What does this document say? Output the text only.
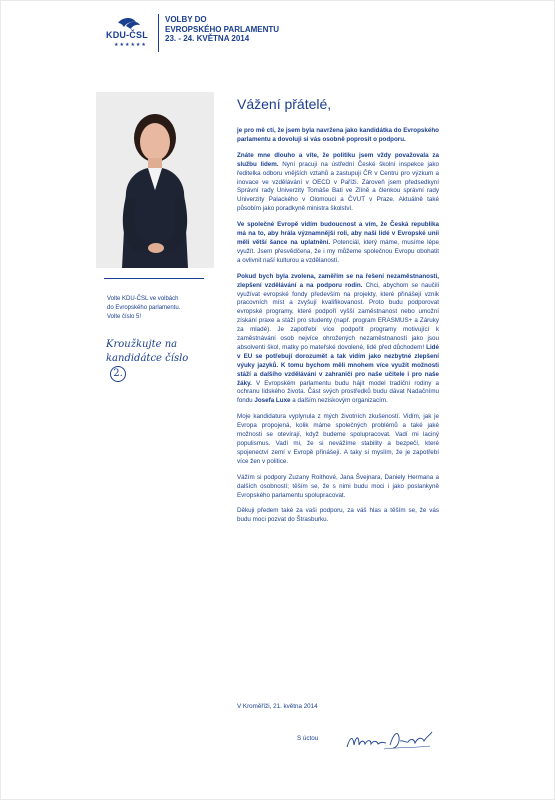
KDU-ČSL
★★★★★★
VOLBY DO
EVROPSKÉHO PARLAMENTU
23. - 24. KVĚTNA 2014
Volte KDU-ČSL ve volbách
do Evropského parlamentu.
Volte číslo 5!
Kroužkujte na
kandidátce číslo
2.
Vážení přátelé,

je pro mě ctí, že jsem byla navržena jako kandidátka do Evropského parlamentu a dovoluji si vás osobně poprosit o podporu.

Znáte mne dlouho a víte, že politiku jsem vždy považovala za službu lidem. Nyní pracuji na ústřední České školní inspekce jako ředitelka odboru vnějších vztahů a zastupuji ČR v Centru pro výzkum a inovace ve vzdělávání v OECD v Paříži. Zároveň jsem předsedkyní Správní rady Univerzity Tomáše Bati ve Zlíně a členkou správní rady Univerzity Palackého v Olomouci a ČVUT v Praze. Aktuálně také působím jako poradkyně ministra školství.

Ve společné Evropě vidím budoucnost a vím, že Česká republika má na to, aby hrála významnější roli, aby naši lidé v Evropské unii měli větší šance na uplatnění. Potenciál, který máme, musíme lépe využít. Jsem přesvědčena, že i my můžeme společnou Evropu obohatit a ovlivnit naší kulturou a vzdělaností.

Pokud bych byla zvolena, zaměřím se na řešení nezaměstnanosti, zlepšení vzdělávání a na podporu rodin. Chci, abychom se naučili využívat evropské fondy především na projekty, které přinášejí vznik pracovních míst a zvyšují kvalifikovanost. Proto budu podporovat evropské programy, které podpoří vyšší zaměstnanost nebo umožní získání praxe a stáží pro studenty (např. program ERASMUS+ a Záruky za mladé). Je zapotřebí více podpořit programy motivující k zaměstnávání osob nejvíce ohrožených nezaměstnaností jako jsou absolventi škol, matky po mateřské dovolené, lidé před důchodem! Lidé v EU se potřebují dorozumět a tak vidím jako nezbytné zlepšení výuky jazyků. K tomu bychom měli mnohem více využít možnosti stáží a dalšího vzdělávání v zahraničí pro naše učitele i pro naše žáky. V Evropském parlamentu budu hájit model tradiční rodiny a ochranu lidského života. Část svých prostředků budu dávat Nadačnímu fondu Josefa Luxe a dalším neziskovým organizacím.

Moje kandidatura vyplynula z mých životních zkušeností. Vidím, jak je Evropa propojená, kolik máme společných problémů a také jaké možnosti se otevírají, když budeme spolupracovat. Vadí mi laciný populismus. Vadí mi, že si nevážíme stability a bezpečí, které spojenectví zemí v Evropě přinášejí. A taky si myslím, že je zapotřebí více žen v politice.

Vážím si podpory Zuzany Roithové, Jana Švejnara, Daniely Hermana a dalších osobností; těším se, že s nimi budu moci i jako poslankyně Evropského parlamentu spolupracovat.

Děkuji předem také za vaši podporu, za váš hlas a těším se, že vás budu moci pozvat do Štrasburku.

V Kroměříži, 21. května 2014
S úctou
